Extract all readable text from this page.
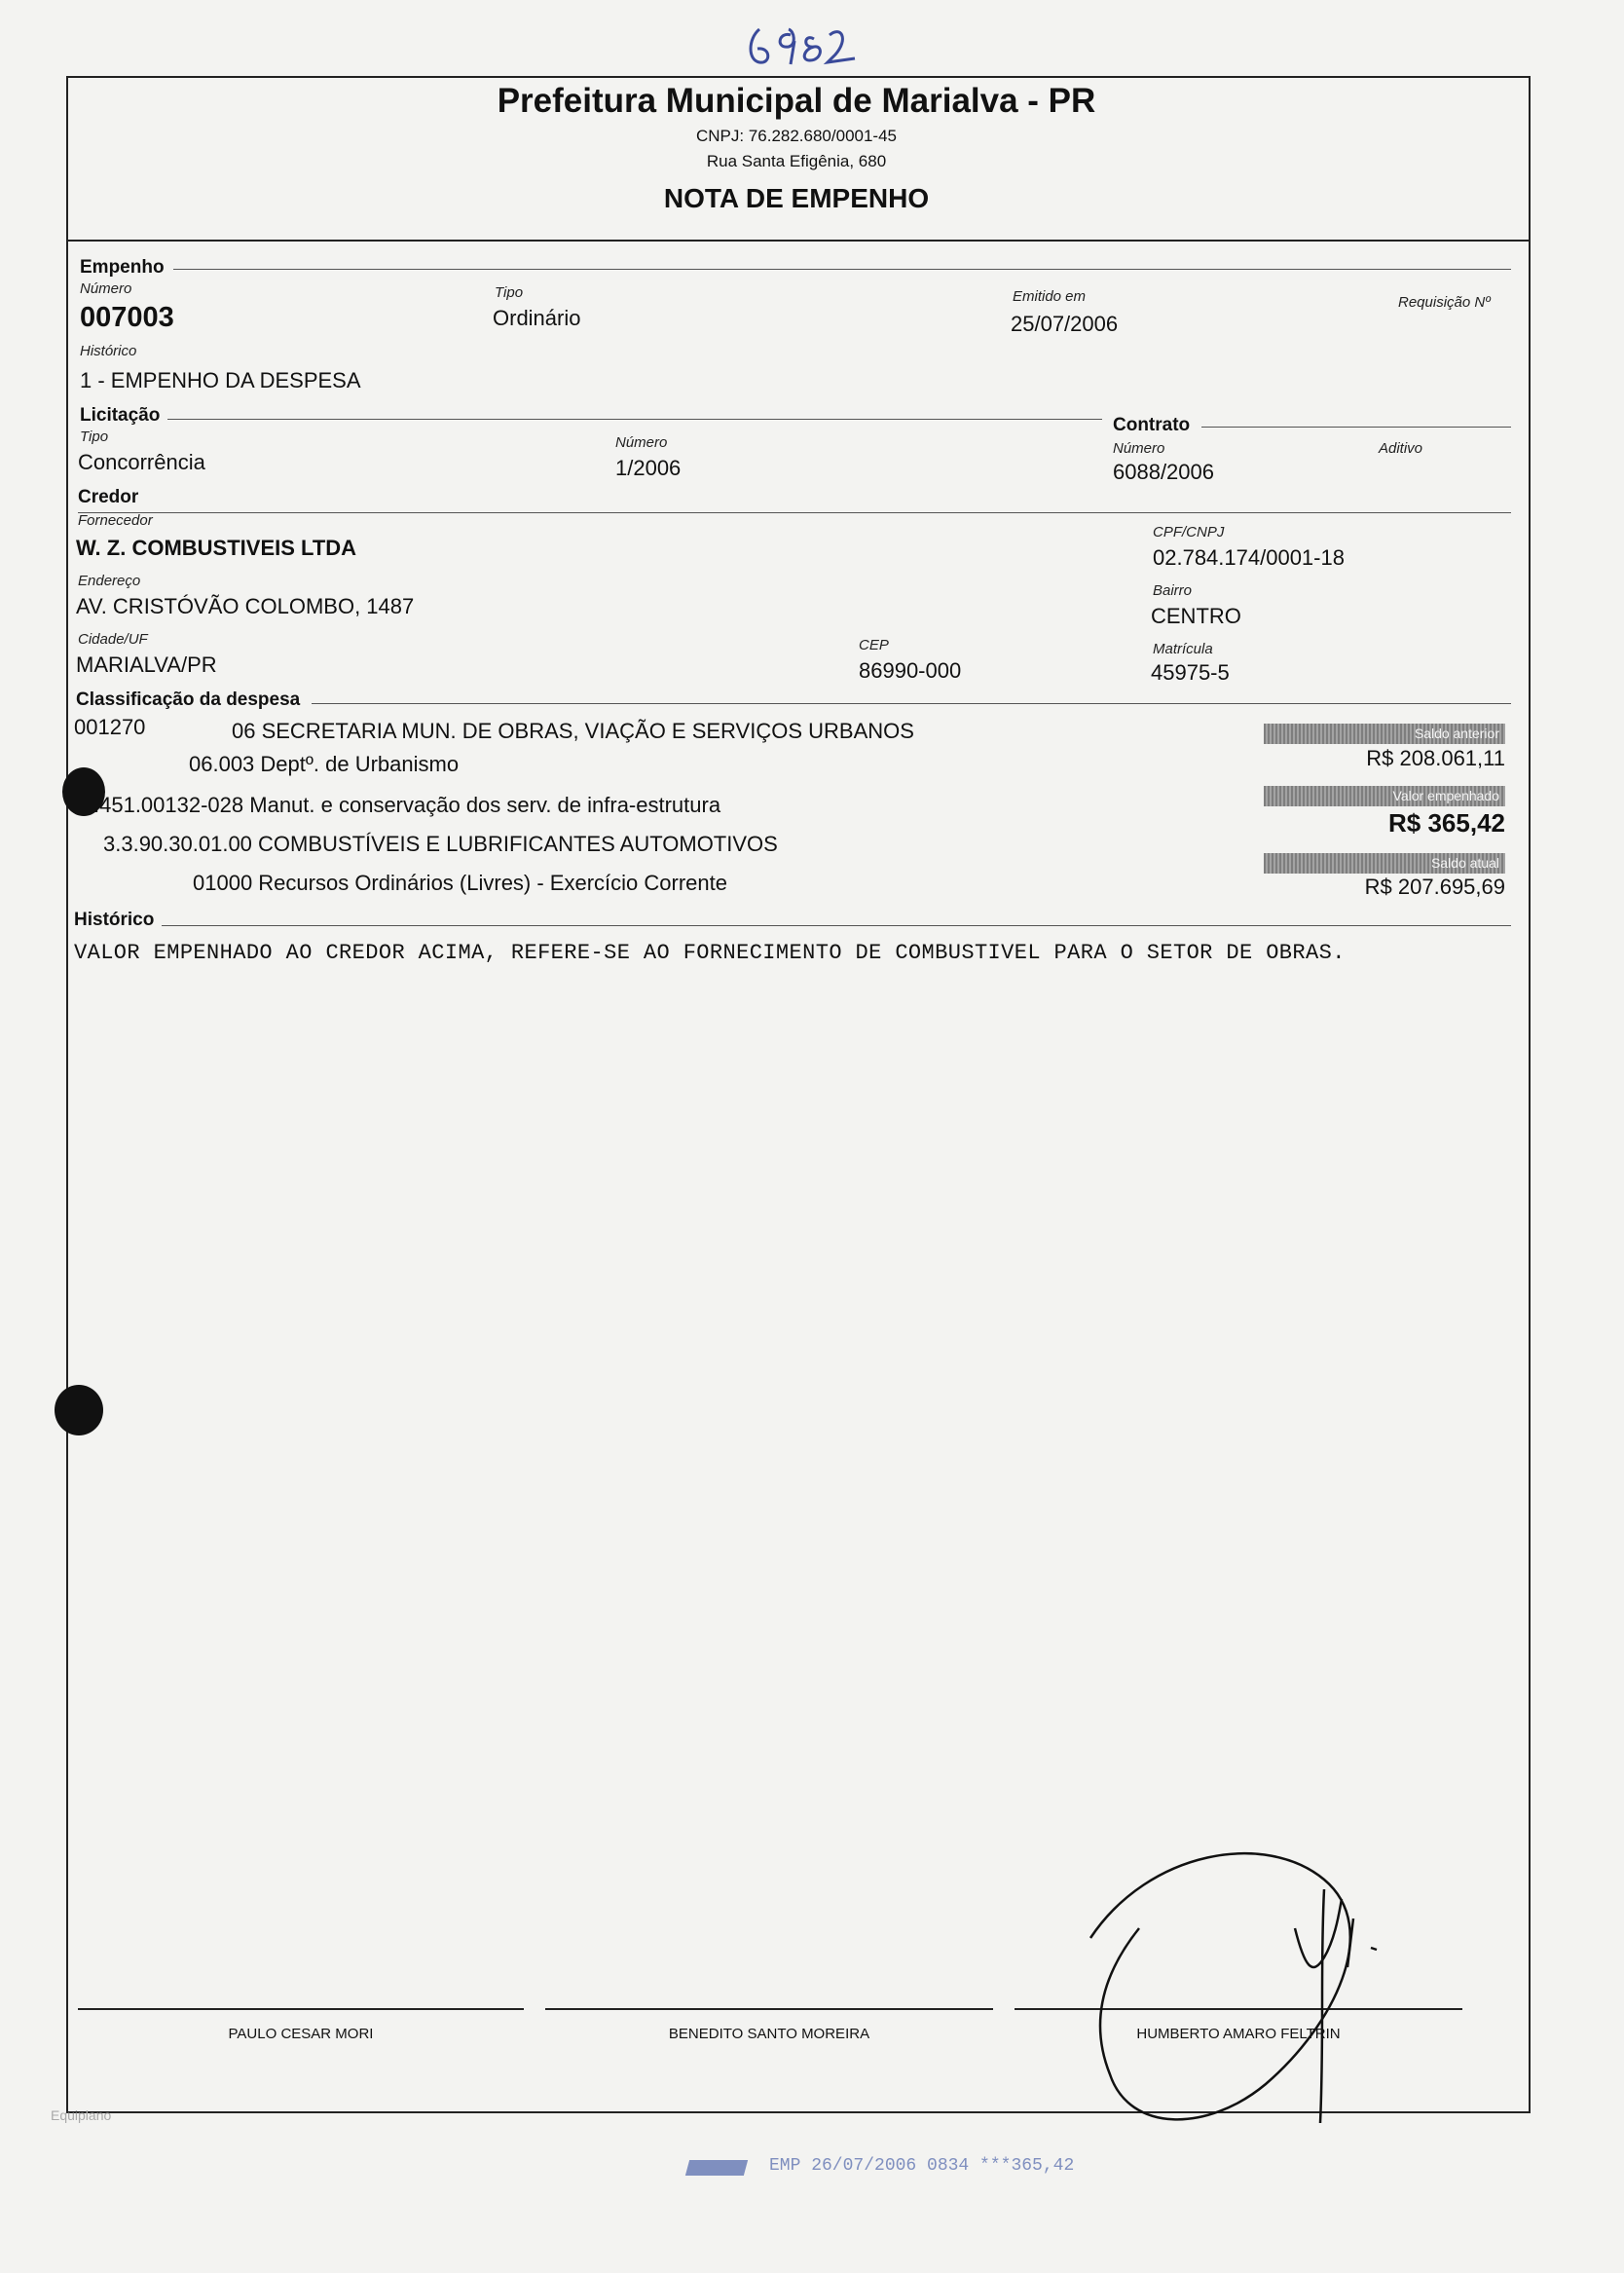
Prefeitura Municipal de Marialva - PR
CNPJ: 76.282.680/0001-45
Rua Santa Efigênia, 680
NOTA DE EMPENHO
Empenho
Número
007003
Tipo
Ordinário
Emitido em
25/07/2006
Requisição Nº
Histórico
1 - EMPENHO DA DESPESA
Licitação	Contrato
Tipo
Concorrência
Número
1/2006
Número
6088/2006
Aditivo
Credor
Fornecedor
W. Z. COMBUSTIVEIS LTDA
CPF/CNPJ
02.784.174/0001-18
Endereço
AV. CRISTÓVÃO COLOMBO, 1487
Bairro
CENTRO
Cidade/UF
MARIALVA/PR
CEP
86990-000
Matrícula
45975-5
Classificação da despesa
001270	06 SECRETARIA MUN. DE OBRAS, VIAÇÃO E SERVIÇOS URBANOS
06.003 Deptº. de Urbanismo
.451.00132-028 Manut. e conservação dos serv. de infra-estrutura
3.3.90.30.01.00 COMBUSTÍVEIS E LUBRIFICANTES AUTOMOTIVOS
01000 Recursos Ordinários (Livres) - Exercício Corrente
Saldo anterior
R$ 208.061,11
Valor empenhado
R$ 365,42
Saldo atual
R$ 207.695,69
Histórico
VALOR EMPENHADO AO CREDOR ACIMA, REFERE-SE AO FORNECIMENTO DE COMBUSTIVEL PARA O SETOR DE OBRAS.
PAULO CESAR MORI	BENEDITO SANTO MOREIRA	HUMBERTO AMARO FELTRIN
Equiplano
EMP 26/07/2006 0834 ***365,42
